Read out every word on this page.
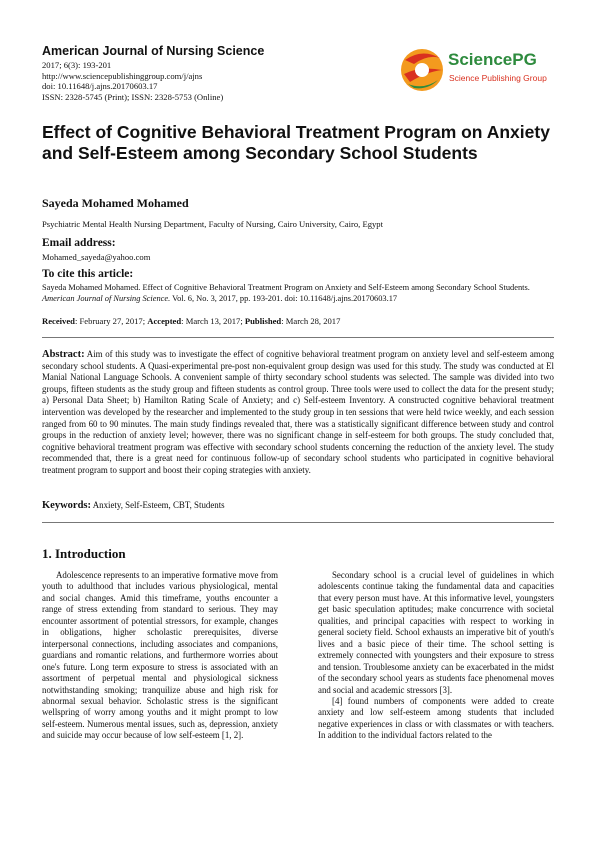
American Journal of Nursing Science
2017; 6(3): 193-201
http://www.sciencepublishinggroup.com/j/ajns
doi: 10.11648/j.ajns.20170603.17
ISSN: 2328-5745 (Print); ISSN: 2328-5753 (Online)
SciencePG
Science Publishing Group
Effect of Cognitive Behavioral Treatment Program on Anxiety and Self-Esteem among Secondary School Students
Sayeda Mohamed Mohamed
Psychiatric Mental Health Nursing Department, Faculty of Nursing, Cairo University, Cairo, Egypt
Email address:
Mohamed_sayeda@yahoo.com
To cite this article:
Sayeda Mohamed Mohamed. Effect of Cognitive Behavioral Treatment Program on Anxiety and Self-Esteem among Secondary School Students. American Journal of Nursing Science. Vol. 6, No. 3, 2017, pp. 193-201. doi: 10.11648/j.ajns.20170603.17
Received: February 27, 2017; Accepted: March 13, 2017; Published: March 28, 2017
Abstract: Aim of this study was to investigate the effect of cognitive behavioral treatment program on anxiety level and self-esteem among secondary school students. A Quasi-experimental pre-post non-equivalent group design was used for this study. The study was conducted at El Manial National Language Schools. A convenient sample of thirty secondary school students was selected. The sample was divided into two groups, fifteen students as the study group and fifteen students as control group. Three tools were used to collect the data for the present study; a) Personal Data Sheet; b) Hamilton Rating Scale of Anxiety; and c) Self-esteem Inventory. A constructed cognitive behavioral treatment intervention was developed by the researcher and implemented to the study group in ten sessions that were held twice weekly, and each session ranged from 60 to 90 minutes. The main study findings revealed that, there was a statistically significant difference between study and control groups in the reduction of anxiety level; however, there was no significant change in self-esteem for both groups. The study concluded that, cognitive behavioral treatment program was effective with secondary school students concerning the reduction of the anxiety level. The study recommended that, there is a great need for continuous follow-up of secondary school students who participated in cognitive behavioral treatment program to support and boost their coping strategies with anxiety.
Keywords: Anxiety, Self-Esteem, CBT, Students
1. Introduction

Adolescence represents to an imperative formative move from youth to adulthood that includes various physiological, mental and social changes. Amid this timeframe, youths encounter a range of stress extending from standard to serious. They may encounter assortment of potential stressors, for example, changes in obligations, higher scholastic prerequisites, diverse interpersonal connections, including associates and companions, guardians and romantic relations, and furthermore worries about one's future. Long term exposure to stress is associated with an assortment of perpetual mental and physiological sickness notwithstanding smoking; tranquilize abuse and high risk for abnormal sexual behavior. Scholastic stress is the significant wellspring of worry among youths and it might prompt to low self-esteem. Numerous mental issues, such as, depression, anxiety and suicide may occur because of low self-esteem [1, 2].

Secondary school is a crucial level of guidelines in which adolescents continue taking the fundamental data and capacities that every person must have. At this informative level, youngsters get basic speculation aptitudes; make concurrence with societal qualities, and principal capacities with respect to working in general society field. School exhausts an imperative bit of youth's lives and a basic piece of their time. The school setting is extremely connected with youngsters and their exposure to stress and tension. Troublesome anxiety can be exacerbated in the midst of the secondary school years as students face phenomenal moves and social and academic stressors [3].

[4] found numbers of components were added to create anxiety and low self-esteem among students that included negative experiences in class or with classmates or with teachers. In addition to the individual factors related to the
